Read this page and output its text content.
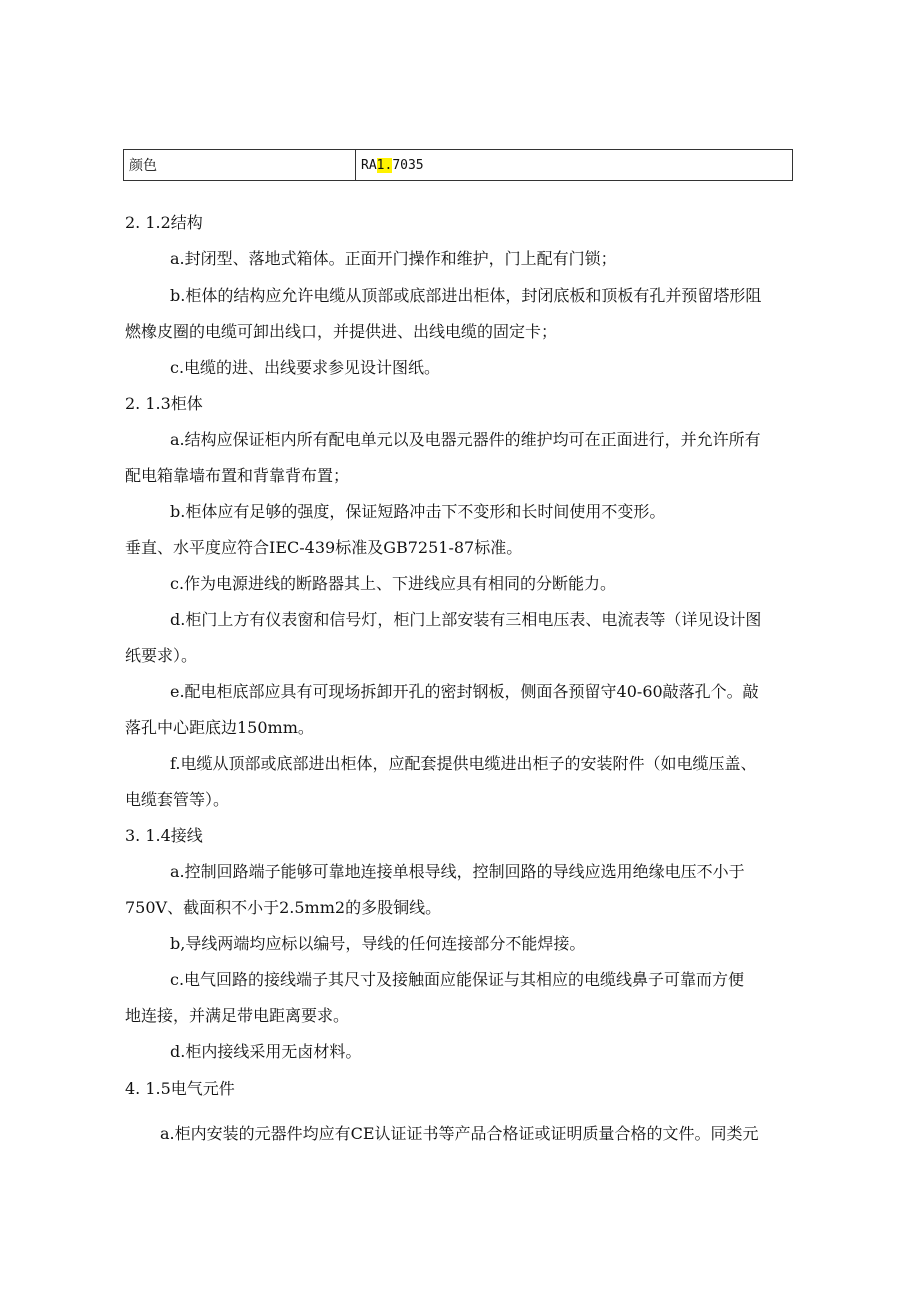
颜色	RA 1. 7035
2. 1.2结构
a.封闭型、落地式箱体。正面开门操作和维护，门上配有门锁；
b.柜体的结构应允许电缆从顶部或底部进出柜体，封闭底板和顶板有孔并预留塔形阻
燃橡皮圈的电缆可卸出线口，并提供进、出线电缆的固定卡；
c.电缆的进、出线要求参见设计图纸。
2. 1.3柜体
a.结构应保证柜内所有配电单元以及电器元器件的维护均可在正面进行，并允许所有
配电箱靠墙布置和背靠背布置；
b.柜体应有足够的强度，保证短路冲击下不变形和长时间使用不变形。
垂直、水平度应符合IEC-439标准及GB7251-87标准。
c.作为电源进线的断路器其上、下进线应具有相同的分断能力。
d.柜门上方有仪表窗和信号灯，柜门上部安装有三相电压表、电流表等（详见设计图
纸要求）。
e.配电柜底部应具有可现场拆卸开孔的密封钢板，侧面各预留守40-60敲落孔个。敲
落孔中心距底边150mm。
f.电缆从顶部或底部进出柜体，应配套提供电缆进出柜子的安装附件（如电缆压盖、
电缆套管等）。
3. 1.4接线
a.控制回路端子能够可靠地连接单根导线，控制回路的导线应选用绝缘电压不小于
750V、截面积不小于2.5mm2的多股铜线。
b,导线两端均应标以编号，导线的任何连接部分不能焊接。
c.电气回路的接线端子其尺寸及接触面应能保证与其相应的电缆线鼻子可靠而方便
地连接，并满足带电距离要求。
d.柜内接线采用无卤材料。
4. 1.5电气元件
a.柜内安装的元器件均应有CE认证证书等产品合格证或证明质量合格的文件。同类元
